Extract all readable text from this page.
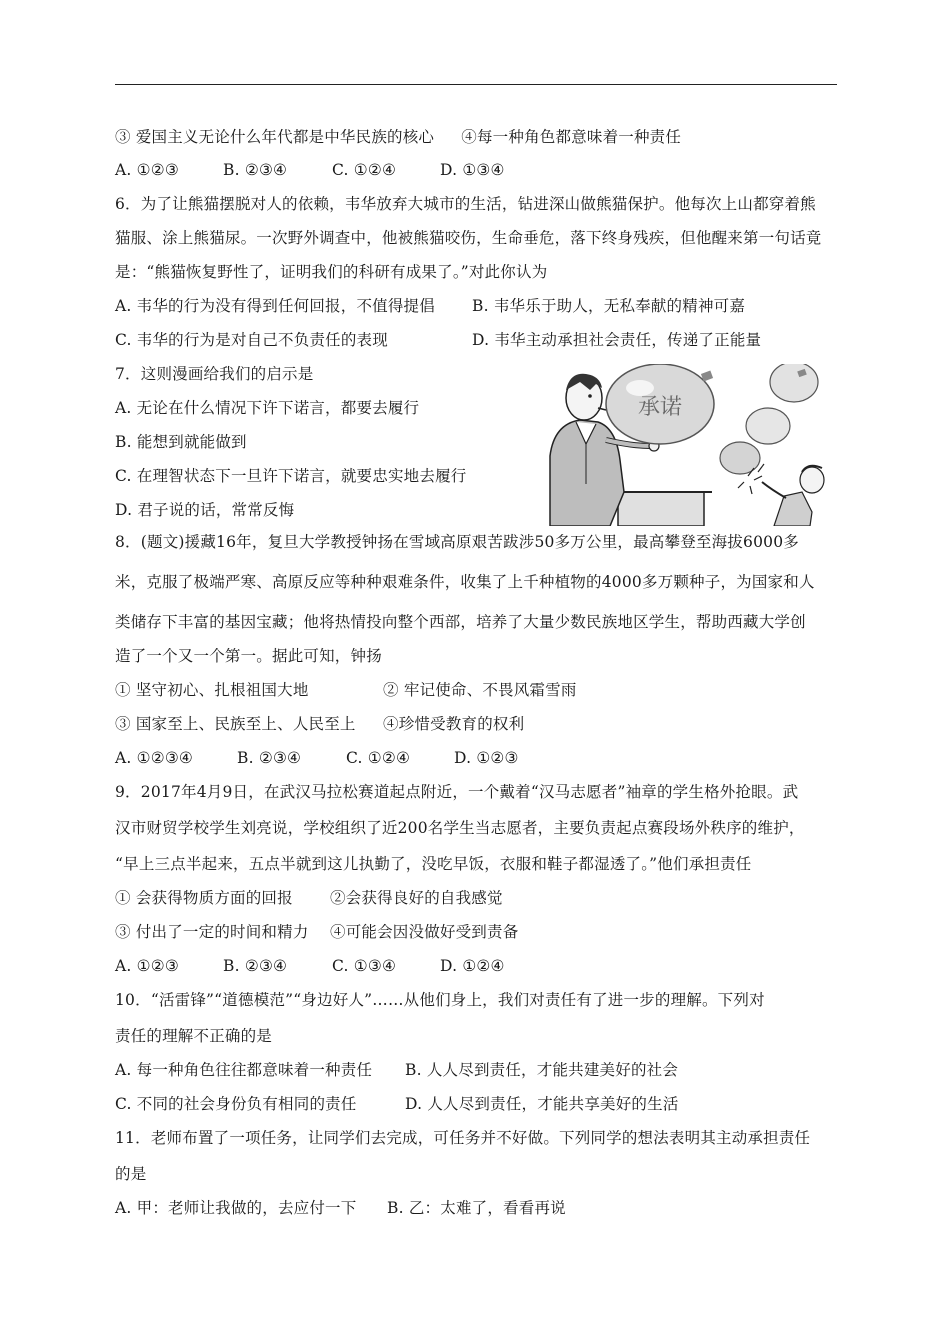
③ 爱国主义无论什么年代都是中华民族的核心 ④每一种角色都意味着一种责任
A. ①②③	B. ②③④	C. ①②④	D. ①③④
6．为了让熊猫摆脱对人的依赖，韦华放弃大城市的生活，钻进深山做熊猫保护。他每次上山都穿着熊
猫服、涂上熊猫尿。一次野外调查中，他被熊猫咬伤，生命垂危，落下终身残疾，但他醒来第一句话竟
是：“熊猫恢复野性了，证明我们的科研有成果了。”对此你认为
A. 韦华的行为没有得到任何回报，不值得提倡 B. 韦华乐于助人，无私奉献的精神可嘉
C. 韦华的行为是对自己不负责任的表现	D. 韦华主动承担社会责任，传递了正能量
7．这则漫画给我们的启示是
A. 无论在什么情况下许下诺言，都要去履行
B. 能想到就能做到
C. 在理智状态下一旦许下诺言，就要忠实地去履行
D. 君子说的话，常常反悔
承诺
8．(题文)援藏16年，复旦大学教授钟扬在雪域高原艰苦跋涉50多万公里，最高攀登至海拔6000多
米，克服了极端严寒、高原反应等种种艰难条件，收集了上千种植物的4000多万颗种子，为国家和人
类储存下丰富的基因宝藏；他将热情投向整个西部，培养了大量少数民族地区学生，帮助西藏大学创
造了一个又一个第一。据此可知，钟扬
① 坚守初心、扎根祖国大地	② 牢记使命、不畏风霜雪雨
③ 国家至上、民族至上、人民至上 ④珍惜受教育的权利
A. ①②③④	B. ②③④	C. ①②④	D. ①②③
9．2017年4月9日，在武汉马拉松赛道起点附近，一个戴着“汉马志愿者”袖章的学生格外抢眼。武
汉市财贸学校学生刘亮说，学校组织了近200名学生当志愿者，主要负责起点赛段场外秩序的维护，
“早上三点半起来，五点半就到这儿执勤了，没吃早饭，衣服和鞋子都湿透了。”他们承担责任
① 会获得物质方面的回报 ②会获得良好的自我感觉
③ 付出了一定的时间和精力 ④可能会因没做好受到责备
A. ①②③	B. ②③④	C. ①③④	D. ①②④
10．“活雷锋”“道德模范”“身边好人”……从他们身上，我们对责任有了进一步的理解。下列对
责任的理解不正确的是
A. 每一种角色往往都意味着一种责任 B. 人人尽到责任，才能共建美好的社会
C. 不同的社会身份负有相同的责任	D. 人人尽到责任，才能共享美好的生活
11．老师布置了一项任务，让同学们去完成，可任务并不好做。下列同学的想法表明其主动承担责任
的是
A. 甲：老师让我做的，去应付一下 B. 乙：太难了，看看再说
